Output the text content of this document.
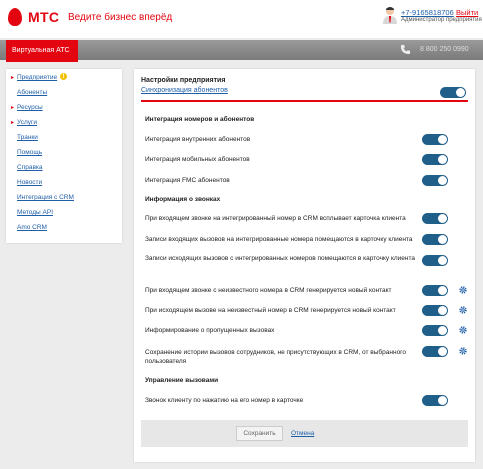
МТС Ведите бизнес вперёд	+7-9165818706
Администратор предприятия
Выйти
Виртуальная АТС	8 800 250 0990
▸ Предприятие!
Абоненты
▸ Ресурсы
▸ Услуги
Транки
Помощь
Справка
Новости
Интеграция с CRM
Методы API
Amo CRM
Настройки предприятия
Синхронизация абонентов
Интеграция номеров и абонентов
Интеграция внутренних абонентов
Интеграция мобильных абонентов
Интеграция FMC абонентов
Информация о звонках
При входящем звонке на интегрированный номер в CRM всплывает карточка клиента
Записи входящих вызовов на интегрированные номера помещаются в карточку клиента
Записи исходящих вызовов с интегрированных номеров помещаются в карточку клиента
При входящем звонке с неизвестного номера в CRM генерируется новый контакт
При исходящем вызове на неизвестный номер в CRM генерируется новый контакт
Информирование о пропущенных вызовах
Сохранение истории вызовов сотрудников, не присутствующих в CRM, от выбранного пользователя
Управление вызовами
Звонок клиенту по нажатию на его номер в карточке
Сохранить	Отмена
